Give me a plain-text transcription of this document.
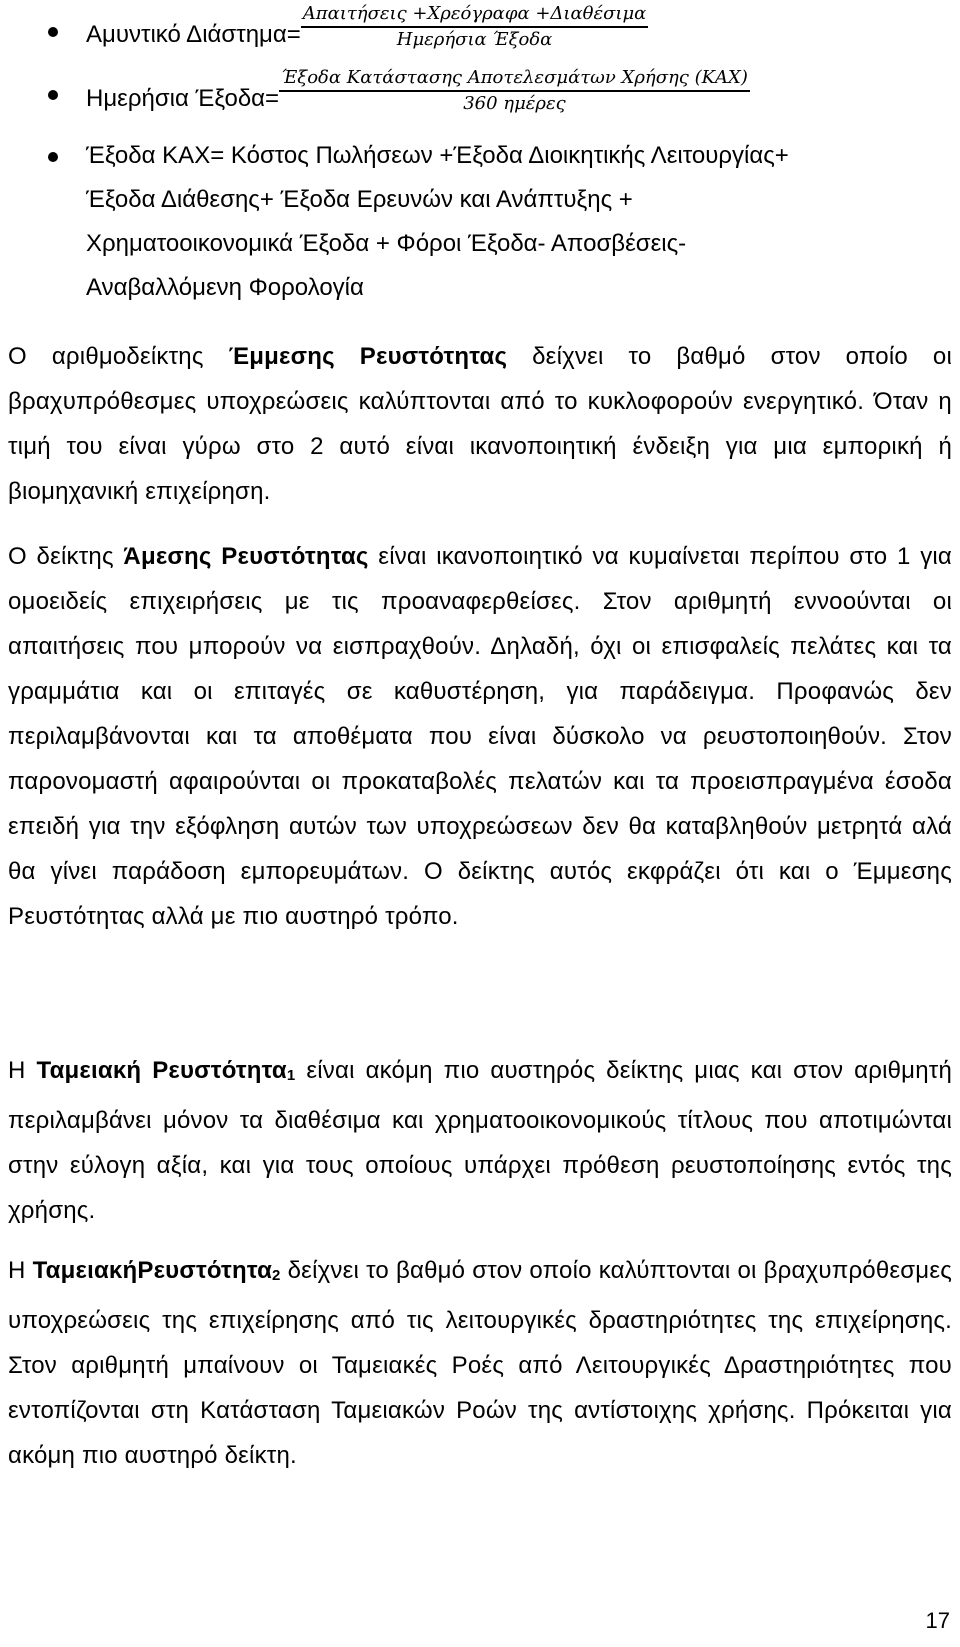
Αμυντικό $\Delta\iota ά\sigma\tau\eta\mu\alpha= \frac{\text{Απαιτήσεις +Χρεόγραφα +Διαθέσιμα}}{\text{Ημερήσια Έξοδα}}$
Ημερήσια $Έ\xi o\delta\alpha= \frac{\text{Έξοδα Κατάστασης Αποτελεσμάτων Χρήσης (ΚΑΧ)}}{\text{360 ημέρες}}$
Έξοδα ΚΑΧ= Κόστος Πωλήσεων +Έξοδα Διοικητικής Λειτουργίας+
Έξοδα Διάθεσης+ Έξοδα Ερευνών και Ανάπτυξης +
Χρηματοοικονομικά Έξοδα + Φόροι Έξοδα- Αποσβέσεις-
Αναβαλλόμενη Φορολογία

Ο αριθμοδείκτης Έμμεσης Ρευστότητας δείχνει το βαθμό στον οποίο οι βραχυπρόθεσμες υποχρεώσεις καλύπτονται από το κυκλοφορούν ενεργητικό. Όταν η τιμή του είναι γύρω στο 2 αυτό είναι ικανοποιητική ένδειξη για μια εμπορική ή βιομηχανική επιχείρηση.

Ο δείκτης Άμεσης Ρευστότητας είναι ικανοποιητικό να κυμαίνεται περίπου στο 1 για ομοειδείς επιχειρήσεις με τις προαναφερθείσες. Στον αριθμητή εννοούνται οι απαιτήσεις που μπορούν να εισπραχθούν. Δηλαδή, όχι οι επισφαλείς πελάτες και τα γραμμάτια και οι επιταγές σε καθυστέρηση, για παράδειγμα. Προφανώς δεν περιλαμβάνονται και τα αποθέματα που είναι δύσκολο να ρευστοποιηθούν. Στον παρονομαστή αφαιρούνται οι προκαταβολές πελατών και τα προεισπραγμένα έσοδα επειδή για την εξόφληση αυτών των υποχρεώσεων δεν θα καταβληθούν μετρητά αλά θα γίνει παράδοση εμπορευμάτων. Ο δείκτης αυτός εκφράζει ότι και ο Έμμεσης Ρευστότητας αλλά με πιο αυστηρό τρόπο.

Η Ταμειακή Ρευστότητα$_1$ είναι ακόμη πιο αυστηρός δείκτης μιας και στον αριθμητή περιλαμβάνει μόνον τα διαθέσιμα και χρηματοοικονομικούς τίτλους που αποτιμώνται στην εύλογη αξία, και για τους οποίους υπάρχει πρόθεση ρευστοποίησης εντός της χρήσης.

Η ΤαμειακήΡευστότητα$_2$ δείχνει το βαθμό στον οποίο καλύπτονται οι βραχυπρόθεσμες υποχρεώσεις της επιχείρησης από τις λειτουργικές δραστηριότητες της επιχείρησης. Στον αριθμητή μπαίνουν οι Ταμειακές Ροές από Λειτουργικές Δραστηριότητες που εντοπίζονται στη Κατάσταση Ταμειακών Ροών της αντίστοιχης χρήσης. Πρόκειται για ακόμη πιο αυστηρό δείκτη.

17
